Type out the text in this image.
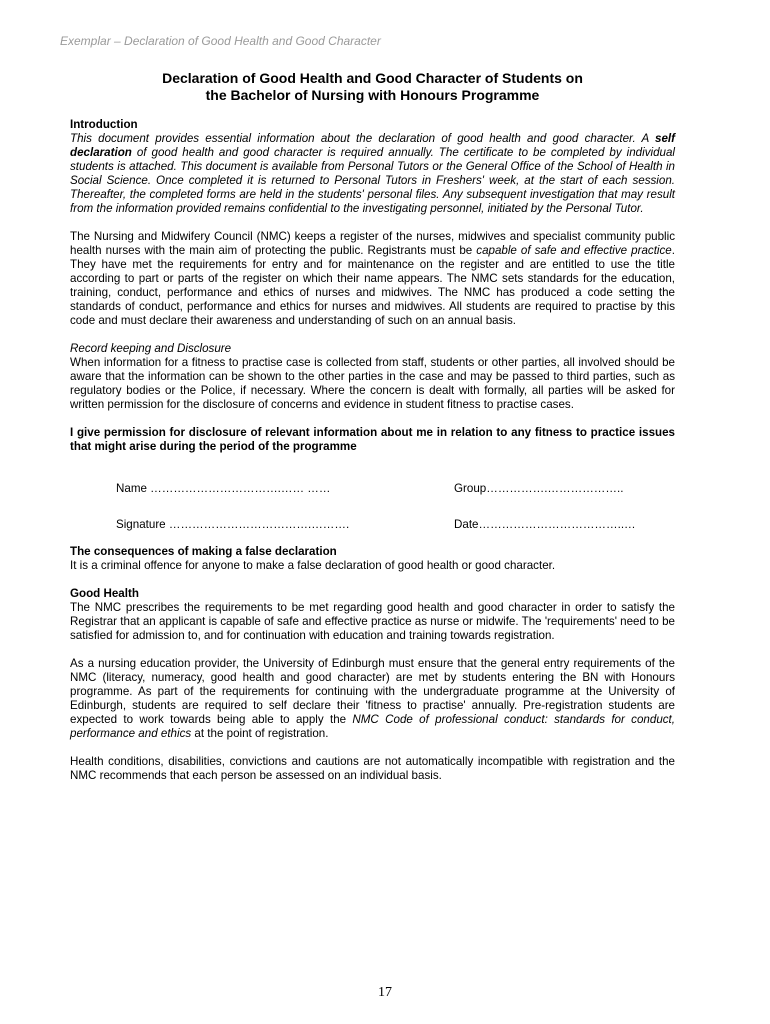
Exemplar – Declaration of Good Health and Good Character
Declaration of Good Health and Good Character of Students on
the Bachelor of Nursing with Honours Programme

Introduction

This document provides essential information about the declaration of good health and good character. A self declaration of good health and good character is required annually. The certificate to be completed by individual students is attached. This document is available from Personal Tutors or the General Office of the School of Health in Social Science. Once completed it is returned to Personal Tutors in Freshers' week, at the start of each session. Thereafter, the completed forms are held in the students' personal files. Any subsequent investigation that may result from the information provided remains confidential to the investigating personnel, initiated by the Personal Tutor.

The Nursing and Midwifery Council (NMC) keeps a register of the nurses, midwives and specialist community public health nurses with the main aim of protecting the public. Registrants must be capable of safe and effective practice. They have met the requirements for entry and for maintenance on the register and are entitled to use the title according to part or parts of the register on which their name appears. The NMC sets standards for the education, training, conduct, performance and ethics of nurses and midwives. The NMC has produced a code setting the standards of conduct, performance and ethics for nurses and midwives. All students are required to practise by this code and must declare their awareness and understanding of such on an annual basis.

Record keeping and Disclosure

When information for a fitness to practise case is collected from staff, students or other parties, all involved should be aware that the information can be shown to the other parties in the case and may be passed to third parties, such as regulatory bodies or the Police, if necessary. Where the concern is dealt with formally, all parties will be asked for written permission for the disclosure of concerns and evidence in student fitness to practise cases.

I give permission for disclosure of relevant information about me in relation to any fitness to practice issues that might arise during the period of the programme

Name …………………………….…… ……	Group…………….………………..
Signature ……………………………….……….	Date………………………………..…

The consequences of making a false declaration

It is a criminal offence for anyone to make a false declaration of good health or good character.

Good Health

The NMC prescribes the requirements to be met regarding good health and good character in order to satisfy the Registrar that an applicant is capable of safe and effective practice as nurse or midwife. The 'requirements' need to be satisfied for admission to, and for continuation with education and training towards registration.

As a nursing education provider, the University of Edinburgh must ensure that the general entry requirements of the NMC (literacy, numeracy, good health and good character) are met by students entering the BN with Honours programme. As part of the requirements for continuing with the undergraduate programme at the University of Edinburgh, students are required to self declare their 'fitness to practise' annually. Pre-registration students are expected to work towards being able to apply the NMC Code of professional conduct: standards for conduct, performance and ethics at the point of registration.

Health conditions, disabilities, convictions and cautions are not automatically incompatible with registration and the NMC recommends that each person be assessed on an individual basis.

17
